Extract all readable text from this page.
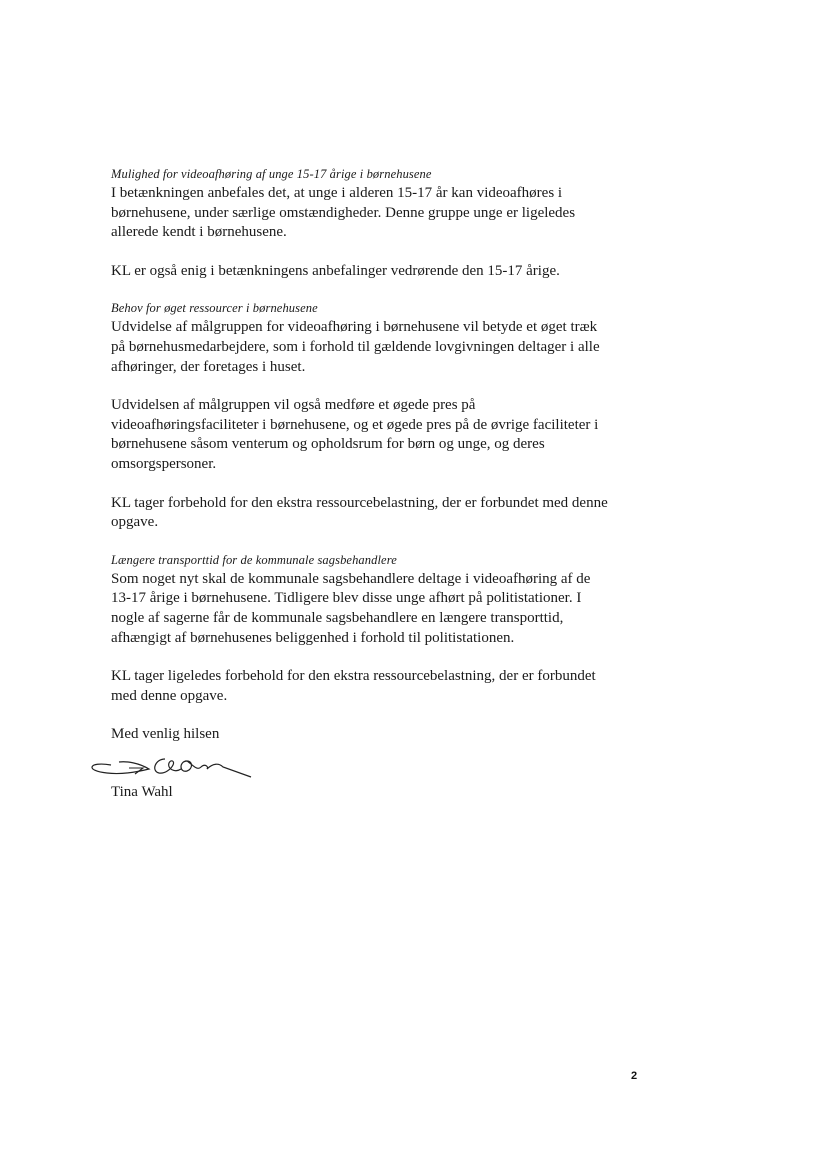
Mulighed for videoafhøring af unge 15-17 årige i børnehusene

I betænkningen anbefales det, at unge i alderen 15-17 år kan videoafhøres i børnehusene, under særlige omstændigheder. Denne gruppe unge er ligeledes allerede kendt i børnehusene.

KL er også enig i betænkningens anbefalinger vedrørende den 15-17 årige.

Behov for øget ressourcer i børnehusene

Udvidelse af målgruppen for videoafhøring i børnehusene vil betyde et øget træk på børnehusmedarbejdere, som i forhold til gældende lovgivningen deltager i alle afhøringer, der foretages i huset.

Udvidelsen af målgruppen vil også medføre et øgede pres på videoafhøringsfaciliteter i børnehusene, og et øgede pres på de øvrige faciliteter i børnehusene såsom venterum og opholdsrum for børn og unge, og deres omsorgspersoner.

KL tager forbehold for den ekstra ressourcebelastning, der er forbundet med denne opgave.

Længere transporttid for de kommunale sagsbehandlere

Som noget nyt skal de kommunale sagsbehandlere deltage i videoafhøring af de 13-17 årige i børnehusene. Tidligere blev disse unge afhørt på politistationer. I nogle af sagerne får de kommunale sagsbehandlere en længere transporttid, afhængigt af børnehusenes beliggenhed i forhold til politistationen.

KL tager ligeledes forbehold for den ekstra ressourcebelastning, der er forbundet med denne opgave.

Med venlig hilsen

Tina Wahl

2
